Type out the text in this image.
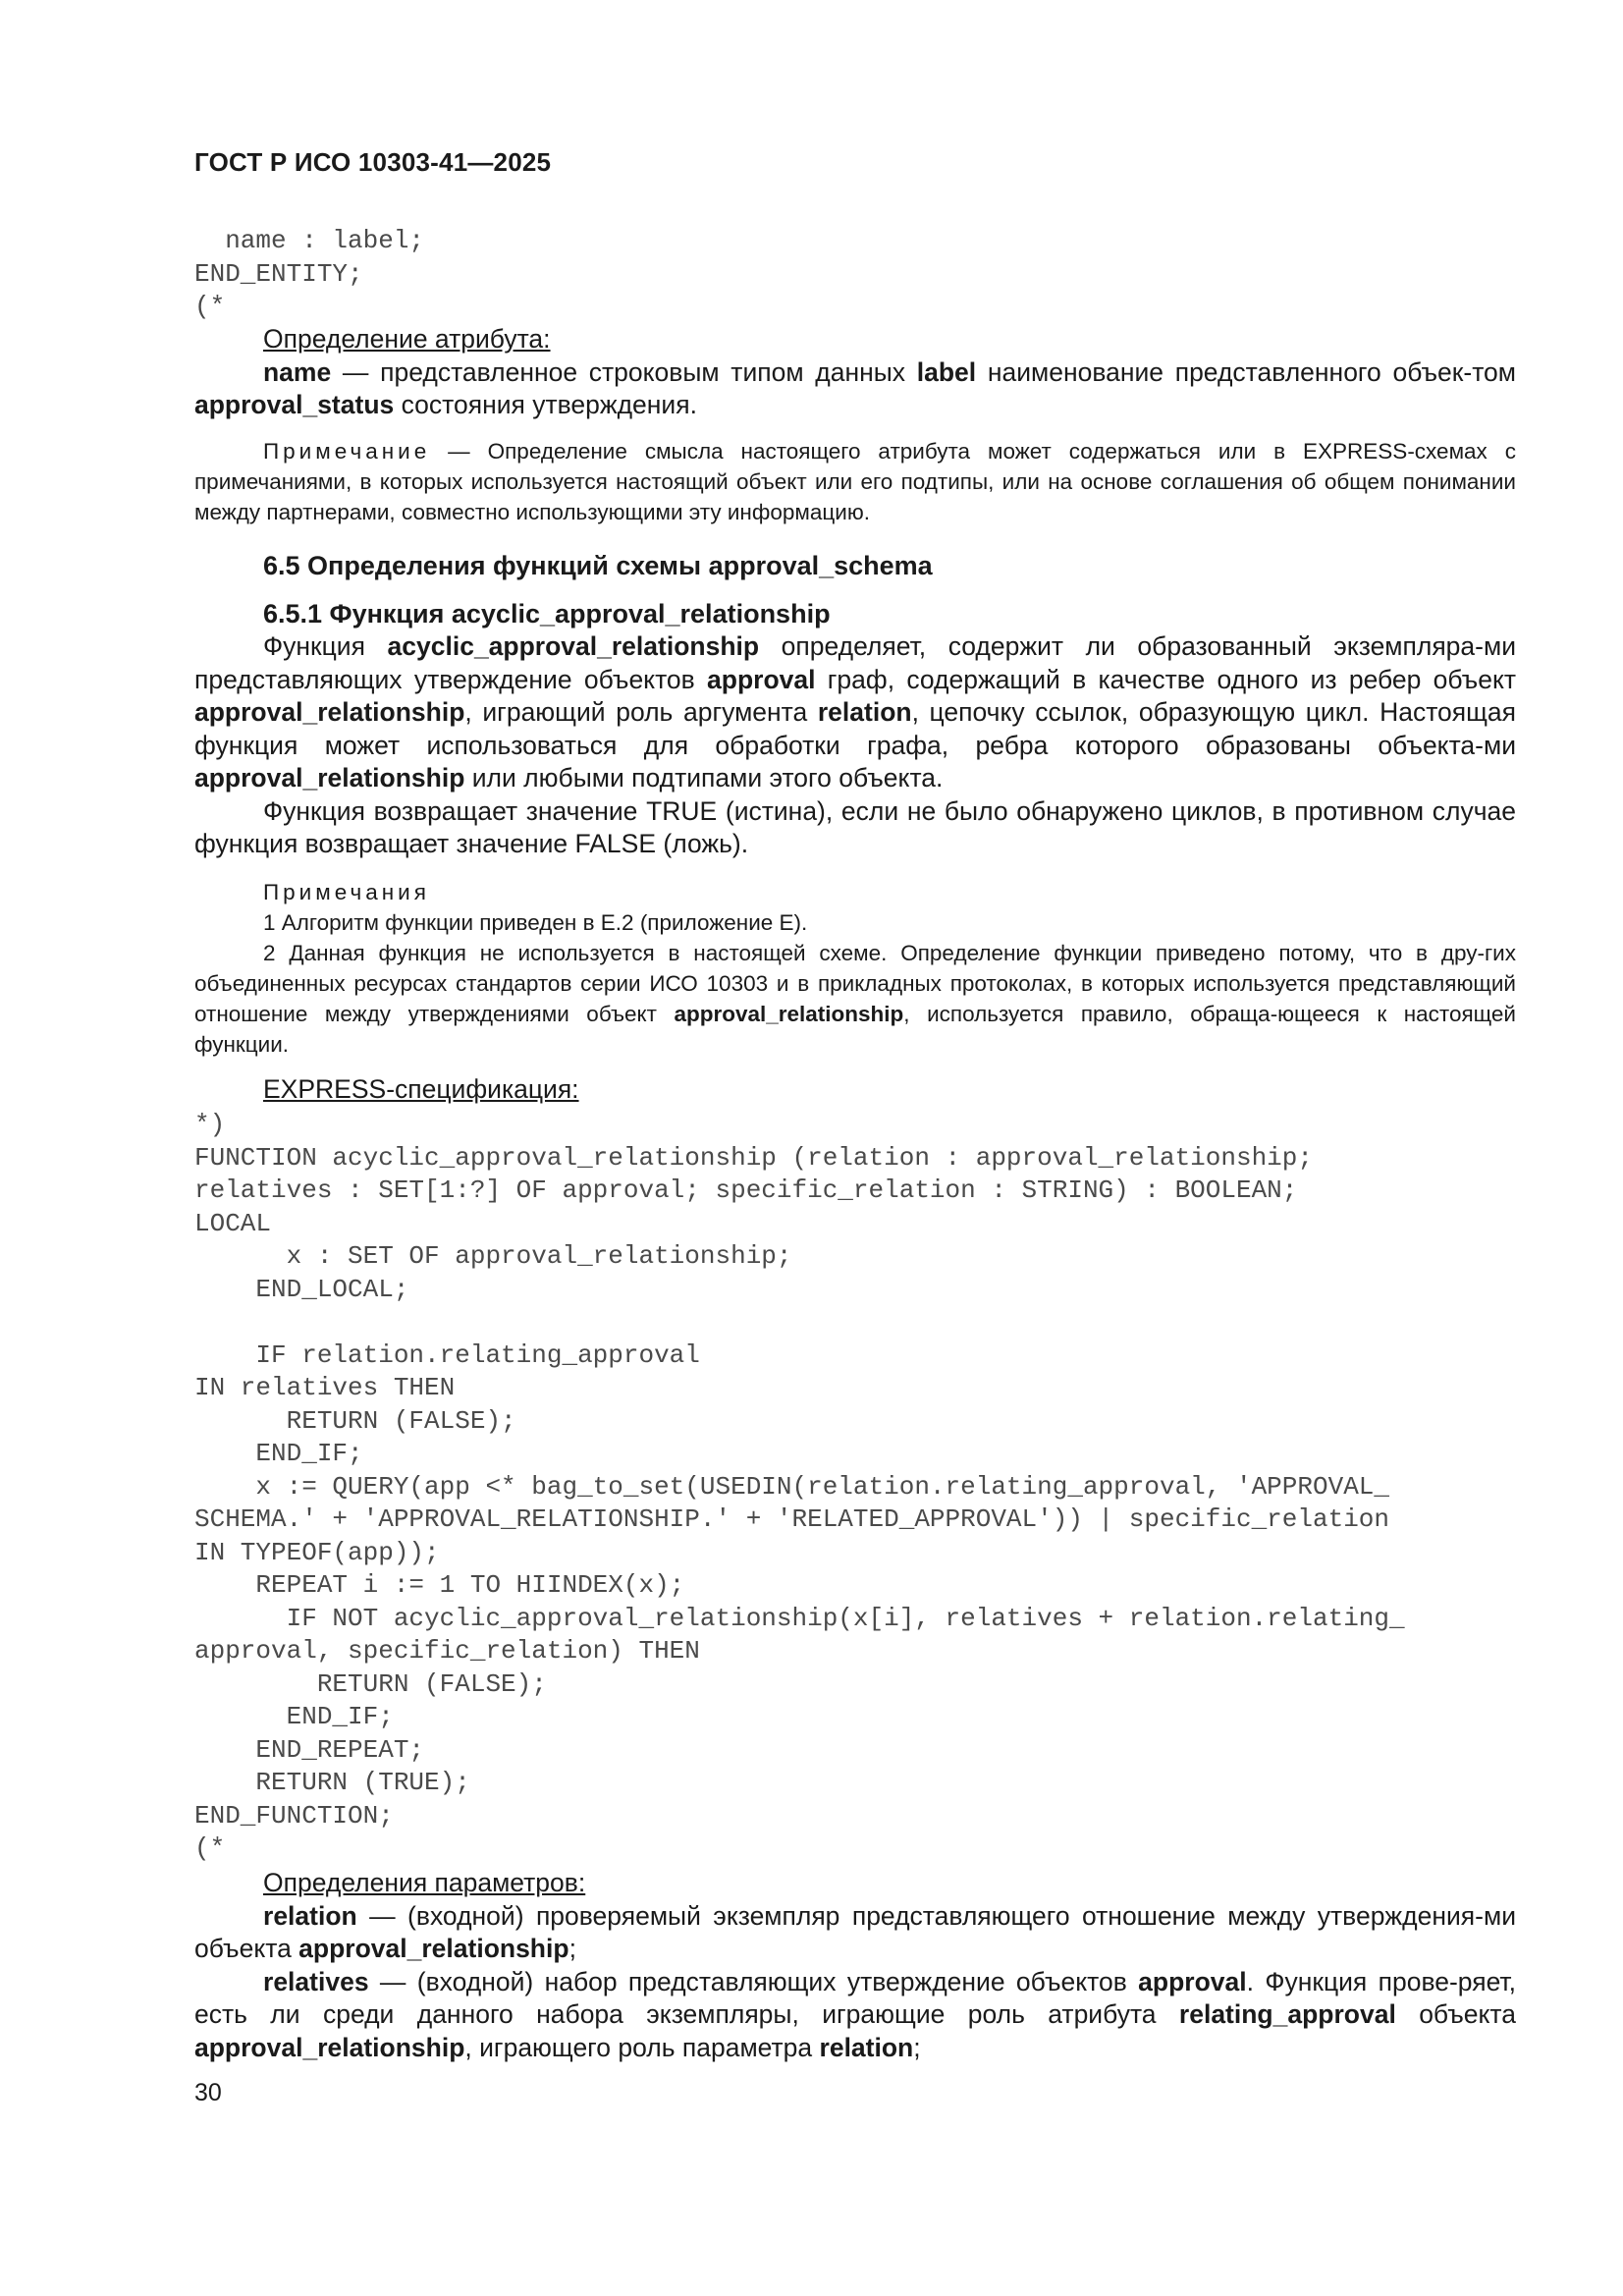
ГОСТ Р ИСО 10303-41—2025
name : label;
END_ENTITY;
(*

Определение атрибута:

name — представленное строковым типом данных label наименование представленного объек-том approval_status состояния утверждения.

Примечание — Определение смысла настоящего атрибута может содержаться или в EXPRESS-схемах с примечаниями, в которых используется настоящий объект или его подтипы, или на основе соглашения об общем понимании между партнерами, совместно использующими эту информацию.

6.5 Определения функций схемы approval_schema

6.5.1 Функция acyclic_approval_relationship

Функция acyclic_approval_relationship определяет, содержит ли образованный экземпляра-ми представляющих утверждение объектов approval граф, содержащий в качестве одного из ребер объект approval_relationship, играющий роль аргумента relation, цепочку ссылок, образующую цикл. Настоящая функция может использоваться для обработки графа, ребра которого образованы объекта-ми approval_relationship или любыми подтипами этого объекта.

Функция возвращает значение TRUE (истина), если не было обнаружено циклов, в противном случае функция возвращает значение FALSE (ложь).

Примечания

1 Алгоритм функции приведен в E.2 (приложение E).

2 Данная функция не используется в настоящей схеме. Определение функции приведено потому, что в дру-гих объединенных ресурсах стандартов серии ИСО 10303 и в прикладных протоколах, в которых используется представляющий отношение между утверждениями объект approval_relationship, используется правило, обраща-ющееся к настоящей функции.

EXPRESS-спецификация:

*)
FUNCTION acyclic_approval_relationship (relation : approval_relationship;
relatives : SET[1:?] OF approval; specific_relation : STRING) : BOOLEAN;
LOCAL
x : SET OF approval_relationship;
END_LOCAL;

IF relation.relating_approval
IN relatives THEN
RETURN (FALSE);
END_IF;
x := QUERY(app <* bag_to_set(USEDIN(relation.relating_approval, 'APPROVAL_
SCHEMA.' + 'APPROVAL_RELATIONSHIP.' + 'RELATED_APPROVAL')) | specific_relation
IN TYPEOF(app));
REPEAT i := 1 TO HIINDEX(x);
IF NOT acyclic_approval_relationship(x[i], relatives + relation.relating_
approval, specific_relation) THEN
RETURN (FALSE);
END_IF;
END_REPEAT;
RETURN (TRUE);
END_FUNCTION;
(*

Определения параметров:

relation — (входной) проверяемый экземпляр представляющего отношение между утверждения-ми объекта approval_relationship;

relatives — (входной) набор представляющих утверждение объектов approval. Функция прове-ряет, есть ли среди данного набора экземпляры, играющие роль атрибута relating_approval объекта approval_relationship, играющего роль параметра relation;

30
